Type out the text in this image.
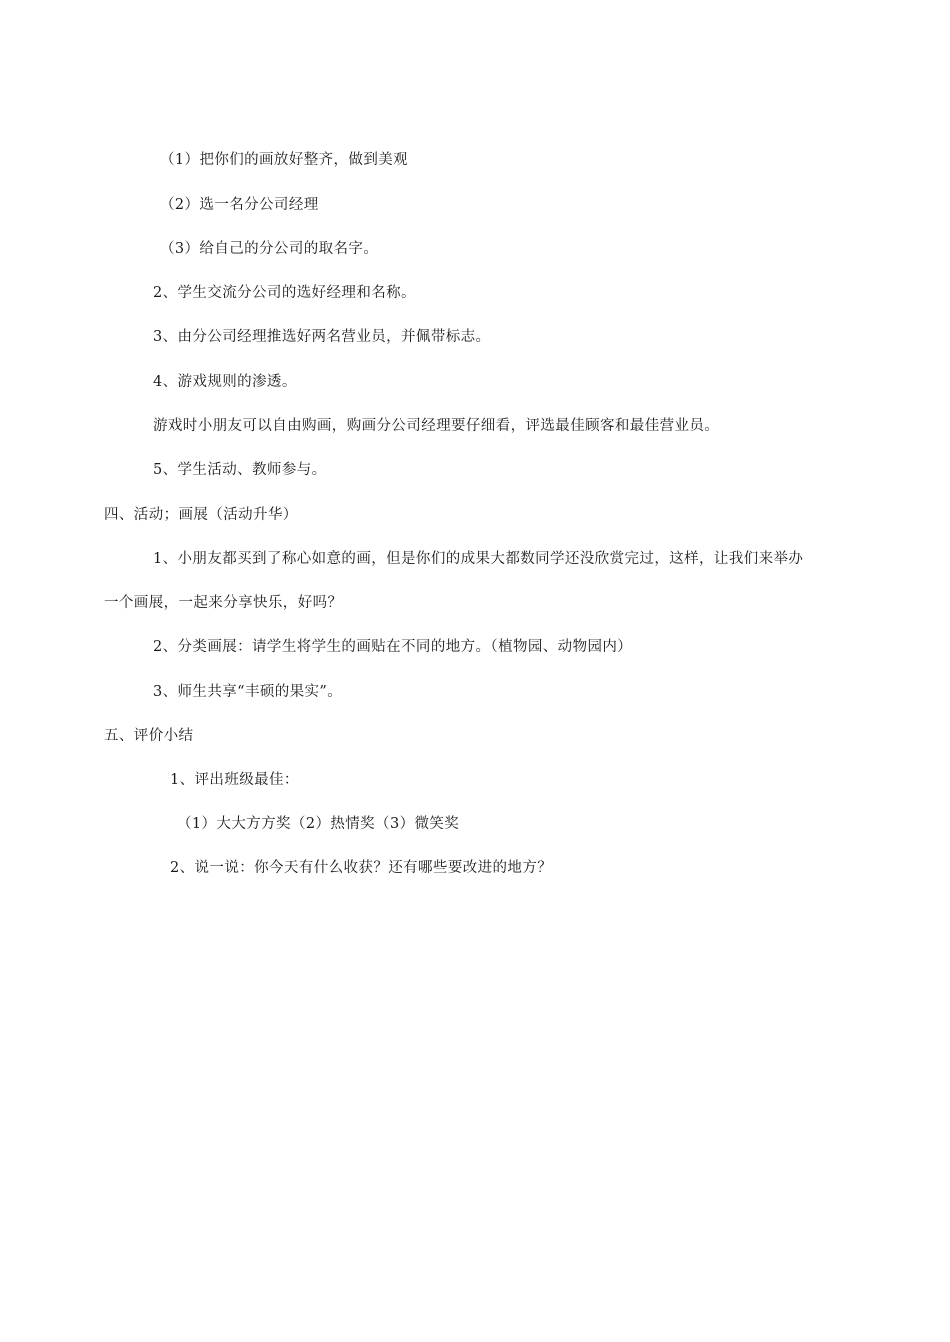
（1）把你们的画放好整齐，做到美观
（2）选一名分公司经理
（3）给自己的分公司的取名字。
2、学生交流分公司的选好经理和名称。
3、由分公司经理推选好两名营业员，并佩带标志。
4、游戏规则的渗透。
游戏时小朋友可以自由购画，购画分公司经理要仔细看，评选最佳顾客和最佳营业员。
5、学生活动、教师参与。
四、活动；画展（活动升华）
1、小朋友都买到了称心如意的画，但是你们的成果大都数同学还没欣赏完过，这样，让我们来举办
一个画展，一起来分享快乐，好吗？
2、分类画展：请学生将学生的画贴在不同的地方。（植物园、动物园内）
3、师生共享“丰硕的果实”。
五、评价小结
1、评出班级最佳：
（1）大大方方奖（2）热情奖（3）微笑奖
2、说一说：你今天有什么收获？还有哪些要改进的地方？
